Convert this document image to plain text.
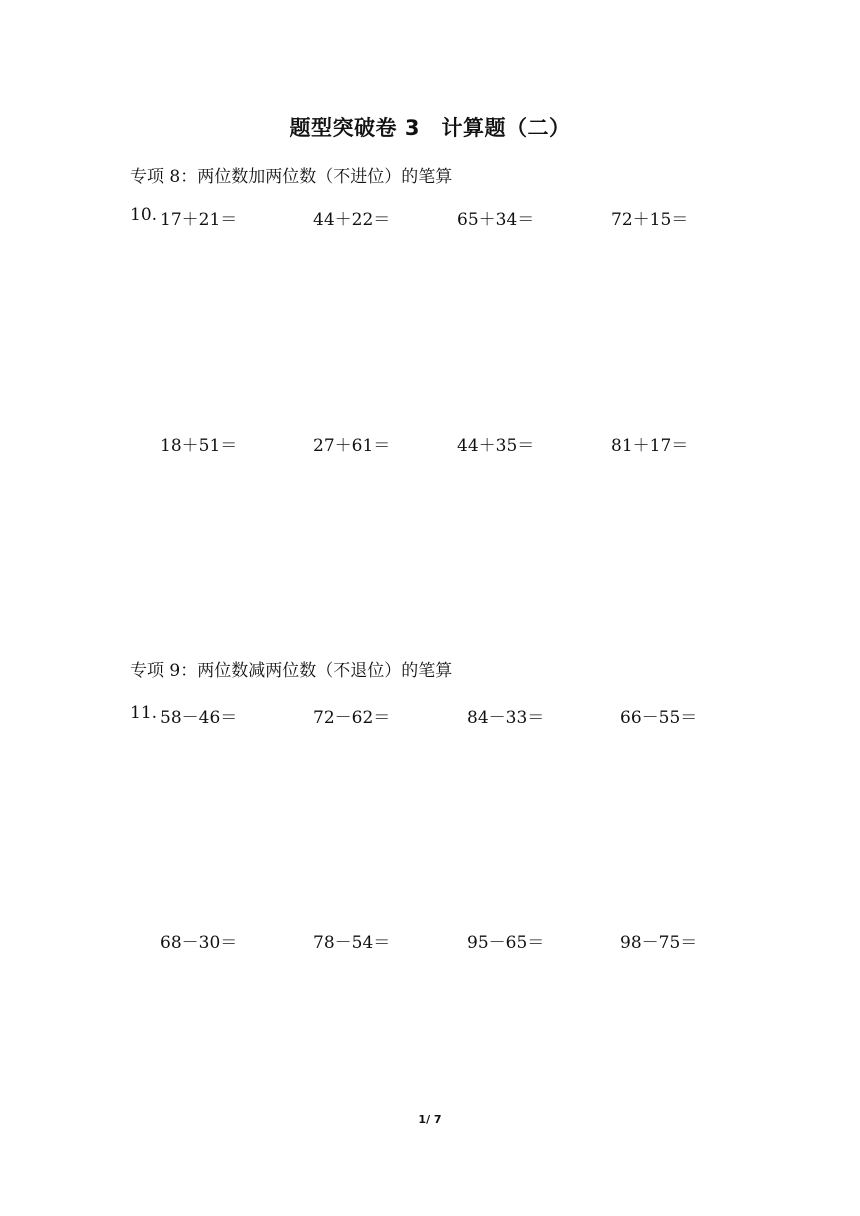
题型突破卷 3　计算题（二）
专项 8：两位数加两位数（不进位）的笔算
10. 17＋21＝	44＋22＝	65＋34＝	72＋15＝
18＋51＝	27＋61＝	44＋35＝	81＋17＝
专项 9：两位数减两位数（不退位）的笔算
11. 58－46＝	72－62＝	84－33＝	66－55＝
68－30＝	78－54＝	95－65＝	98－75＝
1/ 7
